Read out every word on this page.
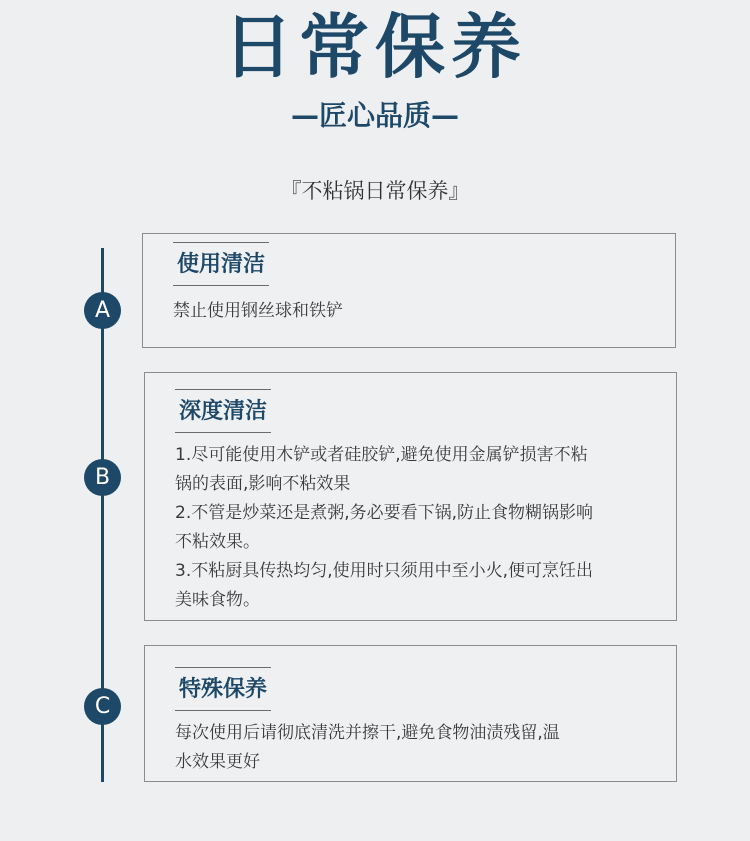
日常保养
—匠心品质—
『不粘锅日常保养』
A
使用清洁
禁止使用钢丝球和铁铲
B
深度清洁
1.尽可能使用木铲或者硅胶铲,避免使用金属铲损害不粘
锅的表面,影响不粘效果
2.不管是炒菜还是煮粥,务必要看下锅,防止食物糊锅影响
不粘效果。
3.不粘厨具传热均匀,使用时只须用中至小火,便可烹饪出
美味食物。
C
特殊保养
每次使用后请彻底清洗并擦干,避免食物油渍残留,温
水效果更好
